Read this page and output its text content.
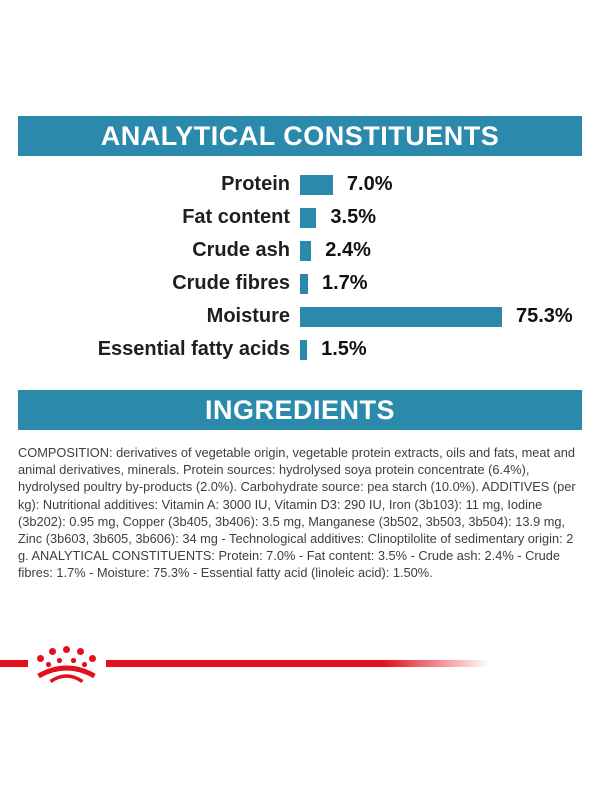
ANALYTICAL CONSTITUENTS
Protein	7.0%
Fat content 3.5%
Crude ash 2.4%
Crude fibres 1.7%
Moisture	75.3%
Essential fatty acids 1.5%
INGREDIENTS
COMPOSITION: derivatives of vegetable origin, vegetable protein extracts, oils and fats, meat and animal derivatives, minerals. Protein sources: hydrolysed soya protein concentrate (6.4%), hydrolysed poultry by-products (2.0%). Carbohydrate source: pea starch (10.0%). ADDITIVES (per kg): Nutritional additives: Vitamin A: 3000 IU, Vitamin D3: 290 IU, Iron (3b103): 11 mg, Iodine (3b202): 0.95 mg, Copper (3b405, 3b406): 3.5 mg, Manganese (3b502, 3b503, 3b504): 13.9 mg, Zinc (3b603, 3b605, 3b606): 34 mg - Technological additives: Clinoptilolite of sedimentary origin: 2 g. ANALYTICAL CONSTITUENTS: Protein: 7.0% - Fat content: 3.5% - Crude ash: 2.4% - Crude fibres: 1.7% - Moisture: 75.3% - Essential fatty acid (linoleic acid): 1.50%.
